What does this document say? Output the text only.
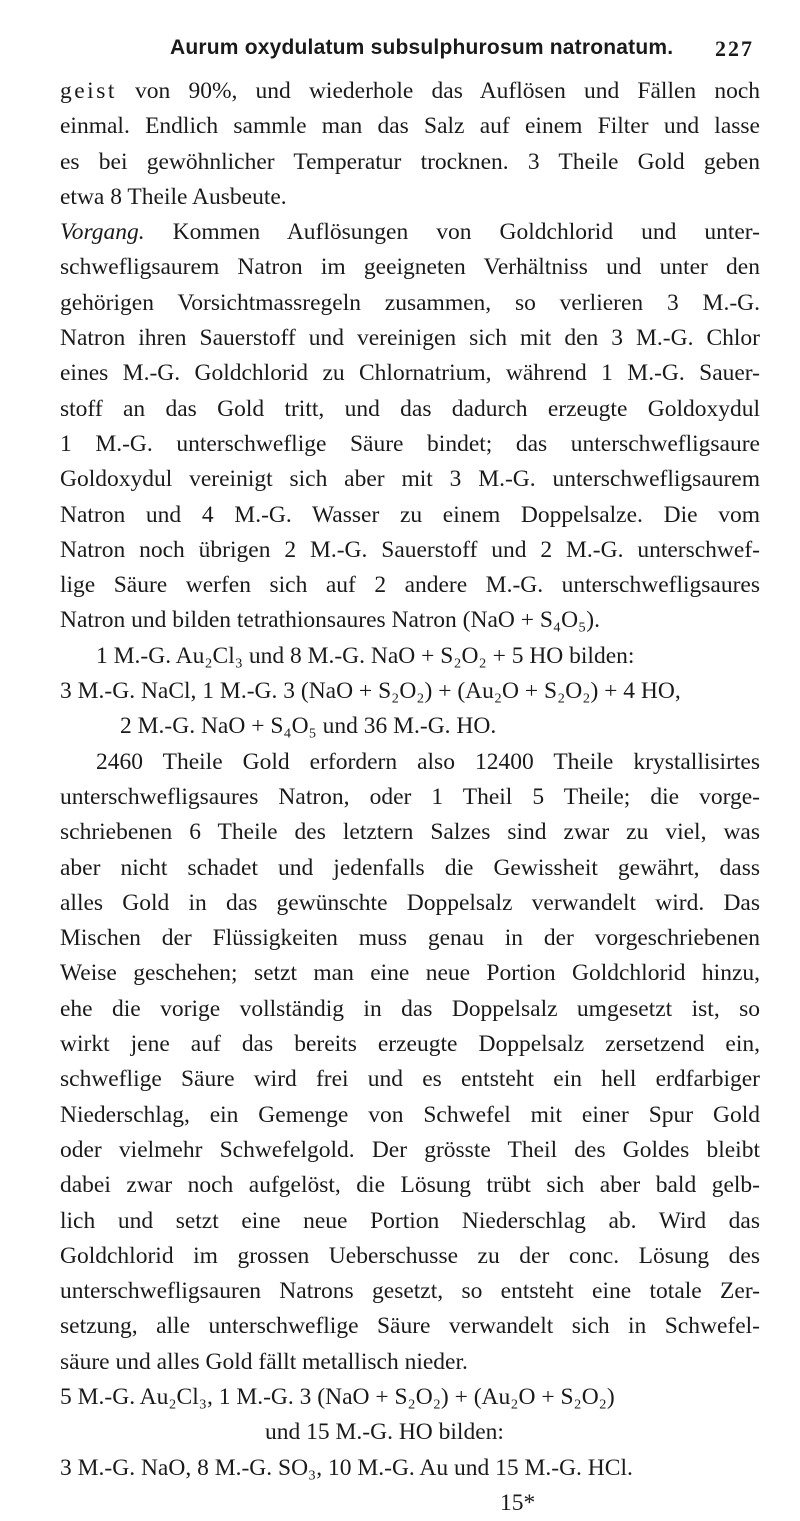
Aurum oxydulatum subsulphurosum natronatum. 227
geist von 90%, und wiederhole das Auflösen und Fällen noch
einmal. Endlich sammle man das Salz auf einem Filter und lasse
es bei gewöhnlicher Temperatur trocknen. 3 Theile Gold geben
etwa 8 Theile Ausbeute.
Vorgang. Kommen Auflösungen von Goldchlorid und unter-
schwefligsaurem Natron im geeigneten Verhältniss und unter den
gehörigen Vorsichtmassregeln zusammen, so verlieren 3 M.-G.
Natron ihren Sauerstoff und vereinigen sich mit den 3 M.-G. Chlor
eines M.-G. Goldchlorid zu Chlornatrium, während 1 M.-G. Sauer-
stoff an das Gold tritt, und das dadurch erzeugte Goldoxydul
1 M.-G. unterschweflige Säure bindet; das unterschwefligsaure
Goldoxydul vereinigt sich aber mit 3 M.-G. unterschwefligsaurem
Natron und 4 M.-G. Wasser zu einem Doppelsalze. Die vom
Natron noch übrigen 2 M.-G. Sauerstoff und 2 M.-G. unterschwef-
lige Säure werfen sich auf 2 andere M.-G. unterschwefligsaures
Natron und bilden tetrathionsaures Natron (NaO + S₄O₅).
1 M.-G. Au₂Cl₃ und 8 M.-G. NaO + S₂O₂ + 5 HO bilden:
3 M.-G. NaCl, 1 M.-G. 3 (NaO + S₂O₂) + (Au₂O + S₂O₂) + 4 HO,
2 M.-G. NaO + S₄O₅ und 36 M.-G. HO.
2460 Theile Gold erfordern also 12400 Theile krystallisirtes
unterschwefligsaures Natron, oder 1 Theil 5 Theile; die vorge-
schriebenen 6 Theile des letztern Salzes sind zwar zu viel, was
aber nicht schadet und jedenfalls die Gewissheit gewährt, dass
alles Gold in das gewünschte Doppelsalz verwandelt wird. Das
Mischen der Flüssigkeiten muss genau in der vorgeschriebenen
Weise geschehen; setzt man eine neue Portion Goldchlorid hinzu,
ehe die vorige vollständig in das Doppelsalz umgesetzt ist, so
wirkt jene auf das bereits erzeugte Doppelsalz zersetzend ein,
schweflige Säure wird frei und es entsteht ein hell erdfarbiger
Niederschlag, ein Gemenge von Schwefel mit einer Spur Gold
oder vielmehr Schwefelgold. Der grösste Theil des Goldes bleibt
dabei zwar noch aufgelöst, die Lösung trübt sich aber bald gelb-
lich und setzt eine neue Portion Niederschlag ab. Wird das
Goldchlorid im grossen Ueberschusse zu der conc. Lösung des
unterschwefligsauren Natrons gesetzt, so entsteht eine totale Zer-
setzung, alle unterschweflige Säure verwandelt sich in Schwefel-
säure und alles Gold fällt metallisch nieder.
5 M.-G. Au₂Cl₃, 1 M.-G. 3 (NaO + S₂O₂) + (Au₂O + S₂O₂)
und 15 M.-G. HO bilden:
3 M.-G. NaO, 8 M.-G. SO₃, 10 M.-G. Au und 15 M.-G. HCl.
15*
